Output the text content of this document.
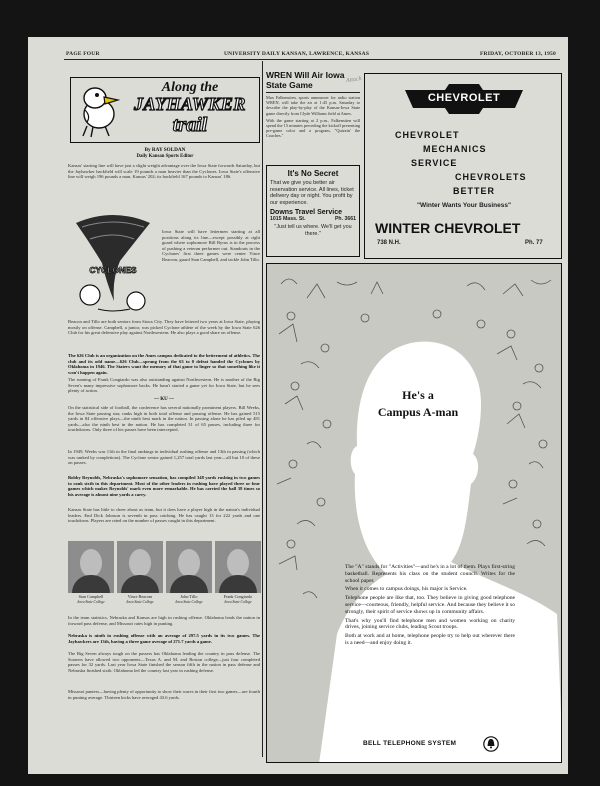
PAGE FOUR	UNIVERSITY DAILY KANSAN, LAWRENCE, KANSAS	FRIDAY, OCTOBER 13, 1950
Along the
JAYHAWKER
trail
By RAY SOLDAN
Daily Kansan Sports Editor
Kansas' starting line will have just a slight weight advantage over the Iowa State forwards Saturday, but the Jayhawker backfield will scale 19 pounds a man heavier than the Cyclones. Iowa State's offensive line will weigh 196 pounds a man, Kansas' 202; its backfield 167 pounds to Kansas' 186.
CYCLONES
Iowa State will have lettermen starting at all positions along its line—except possibly at right guard where sophomore Bill Byrus is in the process of pushing a veteran performer out. Standouts in the Cyclones' first three games were center Vince Beacom, guard Stan Campbell, and tackle John Tillo.
Beacon and Tillo are both seniors from Sioux City. They have lettered two years at Iowa State, playing mostly on offense. Campbell, a junior, was picked Cyclone athlete of the week by the Iowa State 626 Club for his great defensive play against Northwestern. He also plays a good share on offense.
The 626 Club is an organization on the Ames campus dedicated to the betterment of athletics. The club and its odd name—626 Club—sprung from the 63 to 0 defeat handed the Cyclones by Oklahoma in 1946. The Staters want the memory of that game to linger so that something like it won't happen again.
The running of Frank Congiardo was also outstanding against Northwestern. He is another of the Big Seven's many impressive sophomore backs. He hasn't started a game yet for Iowa State, but he sees plenty of action.
— KU —
On the statistical side of football, the conference has several nationally prominent players. Bill Weeks, the Iowa State passing star, ranks high in both total offense and passing offense. He has gained 515 yards in 84 offensive plays—the ninth best mark in the nation. In passing alone he has piled up 481 yards—also the ninth best in the nation. He has completed 31 of 65 passes, including three for touchdowns. Only three of his passes have been intercepted.
In 1949, Weeks was 11th in the final rankings in individual rushing offense and 13th in passing (which was ranked by completions). The Cyclone senior gained 1,257 total yards last year—all but 10 of these on passes.
Bobby Reynolds, Nebraska's sophomore sensation, has compiled 348 yards rushing in two games to rank sixth in this department. Most of the other leaders in rushing have played three or four games which makes Reynolds' mark even more remarkable. He has carried the ball 38 times so his average is almost nine yards a carry.
Kansas State has little to cheer about as team, but it does have a player high in the nation's individual leaders. End Dick Johnson is seventh in pass catching. He has caught 13 for 222 yards and one touchdown. Players are rated on the number of passes caught in this department.
Stan Campbell
Iowa State College
Vince Beacom
Iowa State College
John Tillo
Iowa State College
Frank Congiardo
Iowa State College
In the team statistics, Nebraska and Kansas are high in rushing offense. Oklahoma leads the nation in forward pass defense, and Missouri rates high in punting.
Nebraska is ninth in rushing offense with an average of 297.5 yards in its two games. The Jayhawkers are 13th, having a three game average of 271.7 yards a game.
The Big Seven always tough on the passers has Oklahoma leading the country in pass defense. The Sooners have allowed two opponents—Texas A. and M. and Boston college—just four completed passes for 32 yards. Last year Iowa State finished the season fifth in the nation in pass defense and Nebraska finished sixth. Oklahoma led the country last year in rushing defense.
Missouri punters—having plenty of opportunity to show their wares in their first two games—are fourth in punting average. Thirteen kicks have averaged 43.6 yards.
WREN Will Air Iowa State Game
Max Falkenstien, sports announcer for radio station WREN, will take the air at 1:45 p.m. Saturday to describe the play-by-play of the Kansas-Iowa State game directly from Clyde Williams field at Ames.
With the game starting at 2 p.m., Falkenstien will spend the 15 minutes preceding the kickoff presenting pre-game color and a program, "Quizzin' the Coaches."
Attach
It's No Secret
That we give you better air reservation service. All lines, ticket delivery day or night. You profit by our experience.
Downs Travel Service
1015 Mass. St.	Ph. 3661
"Just tell us where. We'll get you there."
CHEVROLET
CHEVROLET
MECHANICS
SERVICE
CHEVROLETS
BETTER
"Winter Wants Your Business"
WINTER CHEVROLET
738 N.H.	Ph. 77
He's a
Campus A-man

The "A" stands for "Activities"—and he's in a lot of them. Plays first-string basketball. Represents his class on the student council. Writes for the school paper.

When it comes to campus doings, his major is Service.

Telephone people are like that, too. They believe in giving good telephone service—courteous, friendly, helpful service. And because they believe it so strongly, their spirit of service shows up in community affairs.

That's why you'll find telephone men and women working on charity drives, joining service clubs, leading Scout troops.

Both at work and at home, telephone people try to help out wherever there is a need—and enjoy doing it.

BELL TELEPHONE SYSTEM
